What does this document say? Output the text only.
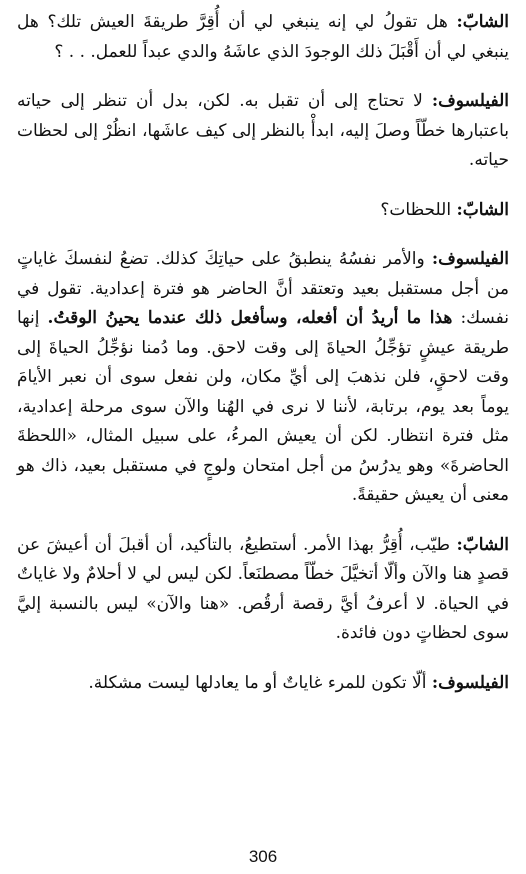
الشابّ: هل تقولُ لي إنه ينبغي لي أن أُقِرَّ طريقةَ العيش تلك؟ هل ينبغي لي أن أَقْبَلَ ذلك الوجودَ الذي عاشَهُ والدي عبداً للعمل. . . ؟

الفيلسوف: لا تحتاج إلى أن تقبل به. لكن، بدل أن تنظر إلى حياته باعتبارها خطّاً وصلَ إليه، ابدأْ بالنظر إلى كيف عاشَها، انظُرْ إلى لحظات حياته.

الشابّ: اللحظات؟

الفيلسوف: والأمر نفسُهُ ينطبقُ على حياتِكَ كذلك. تضعُ لنفسكَ غاياتٍ من أجل مستقبل بعيد وتعتقد أنَّ الحاضر هو فترة إعدادية. تقول في نفسك: هذا ما أريدُ أن أفعله، وسأفعل ذلك عندما يحينُ الوقتُ. إنها طريقة عيشٍ تؤجِّلُ الحياةَ إلى وقت لاحق. وما دُمنا نؤجِّلُ الحياةَ إلى وقت لاحقٍ، فلن نذهبَ إلى أيِّ مكان، ولن نفعل سوى أن نعبر الأيامَ يوماً بعد يوم، برتابة، لأننا لا نرى في الهُنا والآن سوى مرحلة إعدادية، مثل فترة انتظار. لكن أن يعيش المرءُ، على سبيل المثال، «اللحظةَ الحاضرةَ» وهو يدرُسُ من أجل امتحان ولوجٍ في مستقبل بعيد، ذاك هو معنى أن يعيش حقيقةً.

الشابّ: طيّب، أُقِرُّ بهذا الأمر. أستطيعُ، بالتأكيد، أن أقبلَ أن أعيشَ عن قصدٍ هنا والآن وألّا أتخيَّلَ خطّاً مصطنَعاً. لكن ليس لي لا أحلامٌ ولا غاياتٌ في الحياة. لا أعرفُ أيَّ رقصة أرقُص. «هنا والآن» ليس بالنسبة إليَّ سوى لحظاتٍ دون فائدة.

الفيلسوف: ألّا تكون للمرء غاياتٌ أو ما يعادلها ليست مشكلة.

306
